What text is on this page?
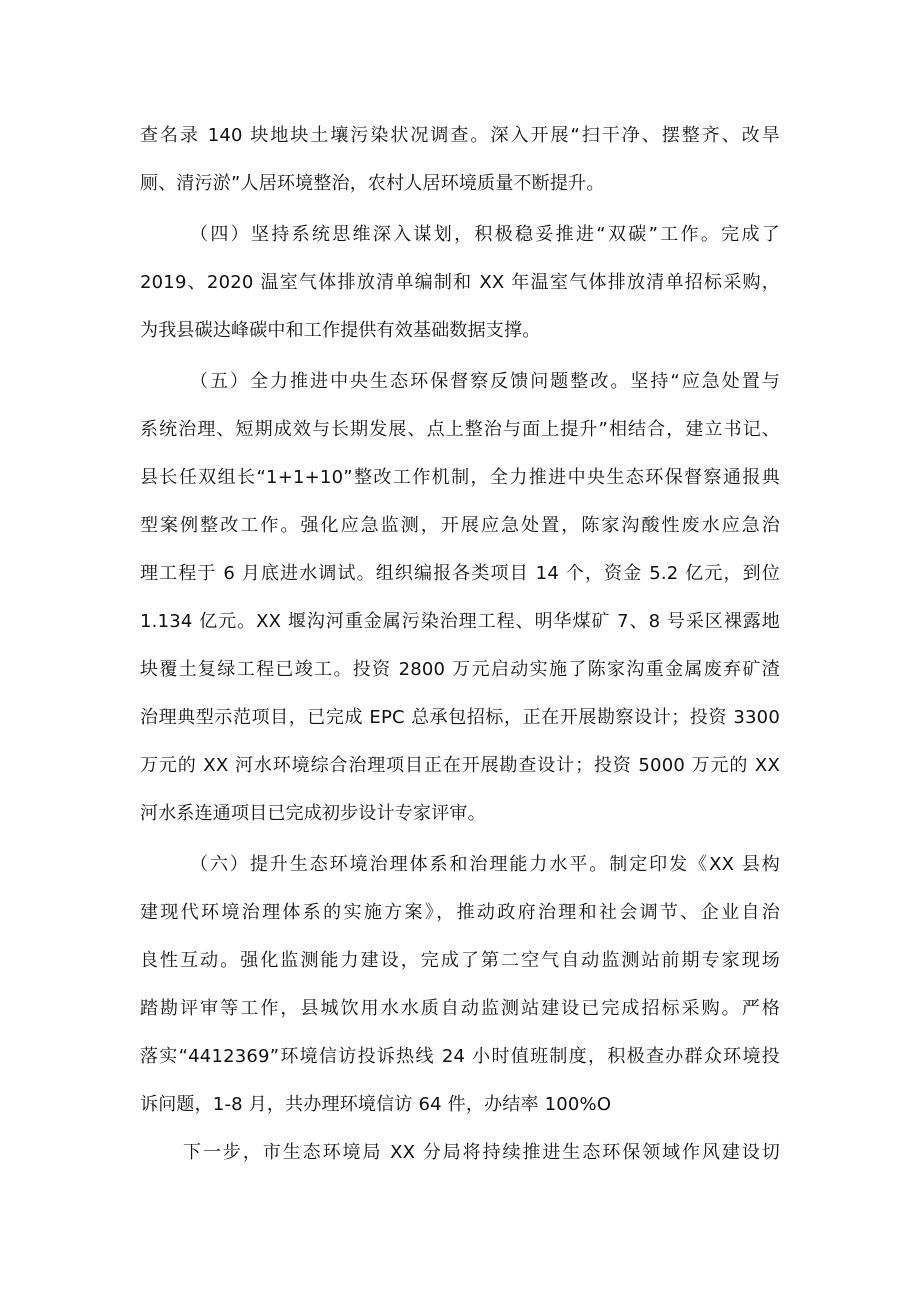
查名录 140 块地块土壤污染状况调查。深入开展“扫干净、摆整齐、改旱
厕、清污淤”人居环境整治，农村人居环境质量不断提升。
（四）坚持系统思维深入谋划，积极稳妥推进“双碳”工作。完成了
2019、2020 温室气体排放清单编制和 XX 年温室气体排放清单招标采购，
为我县碳达峰碳中和工作提供有效基础数据支撑。
（五）全力推进中央生态环保督察反馈问题整改。坚持“应急处置与
系统治理、短期成效与长期发展、点上整治与面上提升”相结合，建立书记、
县长任双组长“1+1+10”整改工作机制，全力推进中央生态环保督察通报典
型案例整改工作。强化应急监测，开展应急处置，陈家沟酸性废水应急治
理工程于 6 月底进水调试。组织编报各类项目 14 个，资金 5.2 亿元，到位
1.134 亿元。XX 堰沟河重金属污染治理工程、明华煤矿 7、8 号采区裸露地
块覆土复绿工程已竣工。投资 2800 万元启动实施了陈家沟重金属废弃矿渣
治理典型示范项目，已完成 EPC 总承包招标，正在开展勘察设计；投资 3300
万元的 XX 河水环境综合治理项目正在开展勘查设计；投资 5000 万元的 XX
河水系连通项目已完成初步设计专家评审。
（六）提升生态环境治理体系和治理能力水平。制定印发《XX 县构
建现代环境治理体系的实施方案》，推动政府治理和社会调节、企业自治
良性互动。强化监测能力建设，完成了第二空气自动监测站前期专家现场
踏勘评审等工作，县城饮用水水质自动监测站建设已完成招标采购。严格
落实“4412369”环境信访投诉热线 24 小时值班制度，积极查办群众环境投
诉问题，1-8 月，共办理环境信访 64 件，办结率 100%O
下一步，市生态环境局 XX 分局将持续推进生态环保领域作风建设切
